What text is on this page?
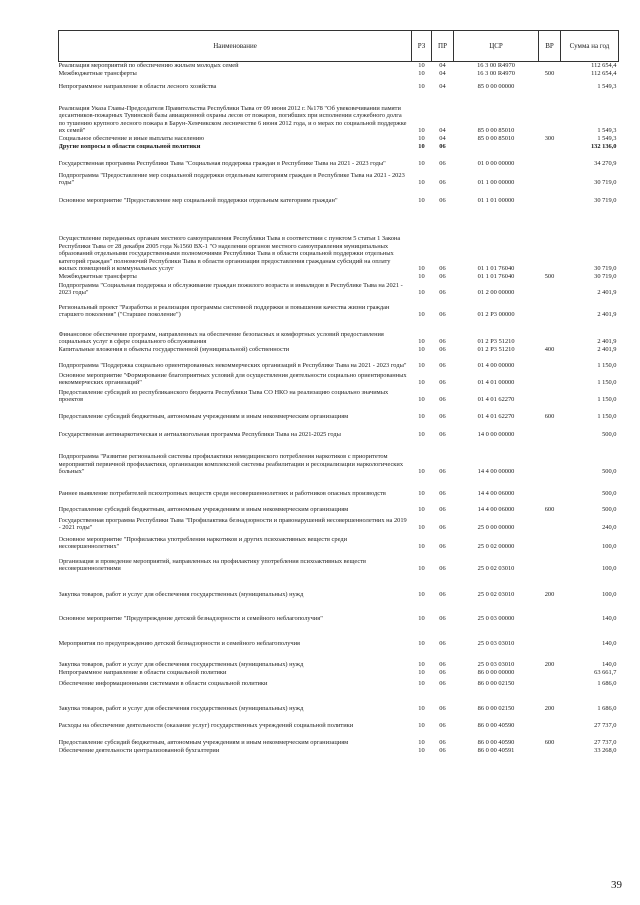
Наименование	РЗ	ПР	ЦСР	ВР	Сумма на год
Реализация мероприятий по обеспечению жильем молодых семей	10	04	16 3 00 R4970		112 654,4
Межбюджетные трансферты	10	04	16 3 00 R4970	500	112 654,4
Непрограммное направление в области лесного хозяйства	10	04	85 0 00 00000		1 549,3
Реализация Указа Главы-Председателя Правительства Республики Тыва от 09 июня 2012 г. №178 "Об увековечивании памяти десантников-пожарных Тувинской базы авиационной охраны лесов от пожаров, погибших при исполнении служебного долга по тушению крупного лесного пожара в Барун-Хемчикском лесничестве 6 июня 2012 года, и о мерах по социальной поддержке их семей"	10	04	85 0 00 85010		1 549,3
Социальное обеспечение и иные выплаты населению	10	04	85 0 00 85010	300	1 549,3
Другие вопросы в области социальной политики	10	06			132 136,0
Государственная программа Республики Тыва "Социальная поддержка граждан в Республике Тыва на 2021 - 2023 годы"	10	06	01 0 00 00000		34 270,9
Подпрограмма "Предоставление мер социальной поддержки отдельным категориям граждан в Республике Тыва на 2021 - 2023 годы"	10	06	01 1 00 00000		30 719,0
Основное мероприятие "Предоставление мер социальной поддержки отдельным категориям граждан"	10	06	01 1 01 00000		30 719,0
Осуществление переданных органам местного самоуправления Республики Тыва в соответствии с пунктом 5 статьи 1 Закона Республики Тыва от 28 декабря 2005 года №1560 ВХ-1 "О наделении органов местного самоуправления муниципальных образований отдельными государственными полномочиями Республики Тыва в области социальной поддержки отдельных категорий граждан" полномочий Республики Тыва в области организации предоставления гражданам субсидий на оплату жилых помещений и коммунальных услуг	10	06	01 1 01 76040		30 719,0
Межбюджетные трансферты	10	06	01 1 01 76040	500	30 719,0
Подпрограмма "Социальная поддержка и обслуживание граждан пожилого возраста и инвалидов в Республике Тыва на 2021 - 2023 годы"	10	06	01 2 00 00000		2 401,9
Региональный проект "Разработка и реализация программы системной поддержки и повышения качества жизни граждан старшего поколения" ("Старшее поколение")	10	06	01 2 P3 00000		2 401,9
Финансовое обеспечение программ, направленных на обеспечение безопасных и комфортных условий предоставления социальных услуг в сфере социального обслуживания	10	06	01 2 P3 51210		2 401,9
Капитальные вложения в объекты государственной (муниципальной) собственности	10	06	01 2 P3 51210	400	2 401,9
Подпрограмма "Поддержка социально ориентированных некоммерческих организаций в Республике Тыва на 2021 - 2023 годы"	10	06	01 4 00 00000		1 150,0
Основное мероприятие "Формирование благоприятных условий для осуществления деятельности социально ориентированных некоммерческих организаций"	10	06	01 4 01 00000		1 150,0
Предоставление субсидий из республиканского бюджета Республики Тыва СО НКО на реализацию социально значимых проектов	10	06	01 4 01 62270		1 150,0
Предоставление субсидий бюджетным, автономным учреждениям и иным некоммерческим организациям	10	06	01 4 01 62270	600	1 150,0
Государственная антинаркотическая и антиалкогольная программа Республики Тыва на 2021-2025 годы	10	06	14 0 00 00000		500,0
Подпрограмма "Развитие региональной системы профилактики немедицинского потребления наркотиков с приоритетом мероприятий первичной профилактики, организация комплексной системы реабилитации и ресоциализации наркологических больных"	10	06	14 4 00 00000		500,0
Раннее выявление потребителей психотропных веществ среди несовершеннолетних и работников опасных производств	10	06	14 4 00 06000		500,0
Предоставление субсидий бюджетным, автономным учреждениям и иным некоммерческим организациям	10	06	14 4 00 06000	600	500,0
Государственная программа Республики Тыва "Профилактика безнадзорности и правонарушений несовершеннолетних на 2019 - 2021 годы"	10	06	25 0 00 00000		240,0
Основное мероприятие "Профилактика употребления наркотиков и других психоактивных веществ среди несовершеннолетних"	10	06	25 0 02 00000		100,0
Организация и проведение мероприятий, направленных на профилактику употребления психоактивных веществ несовершеннолетними	10	06	25 0 02 03010		100,0
Закупка товаров, работ и услуг для обеспечения государственных (муниципальных) нужд	10	06	25 0 02 03010	200	100,0
Основное мероприятие "Предупреждение детской безнадзорности и семейного неблагополучия"	10	06	25 0 03 00000		140,0
Мероприятия по предупреждению детской безнадзорности и семейного неблагополучия	10	06	25 0 03 03010		140,0
Закупка товаров, работ и услуг для обеспечения государственных (муниципальных) нужд	10	06	25 0 03 03010	200	140,0
Непрограммное направление в области социальной политики	10	06	86 0 00 00000		63 661,7
Обеспечение информационными системами в области социальной политики	10	06	86 0 00 02150		1 686,0
Закупка товаров, работ и услуг для обеспечения государственных (муниципальных) нужд	10	06	86 0 00 02150	200	1 686,0
Расходы на обеспечение деятельности (оказание услуг) государственных учреждений социальной политики	10	06	86 0 00 40590		27 737,0
Предоставление субсидий бюджетным, автономным учреждениям и иным некоммерческим организациям	10	06	86 0 00 40590	600	27 737,0
Обеспечение деятельности централизованной бухгалтерии	10	06	86 0 00 40591		33 268,0
39
